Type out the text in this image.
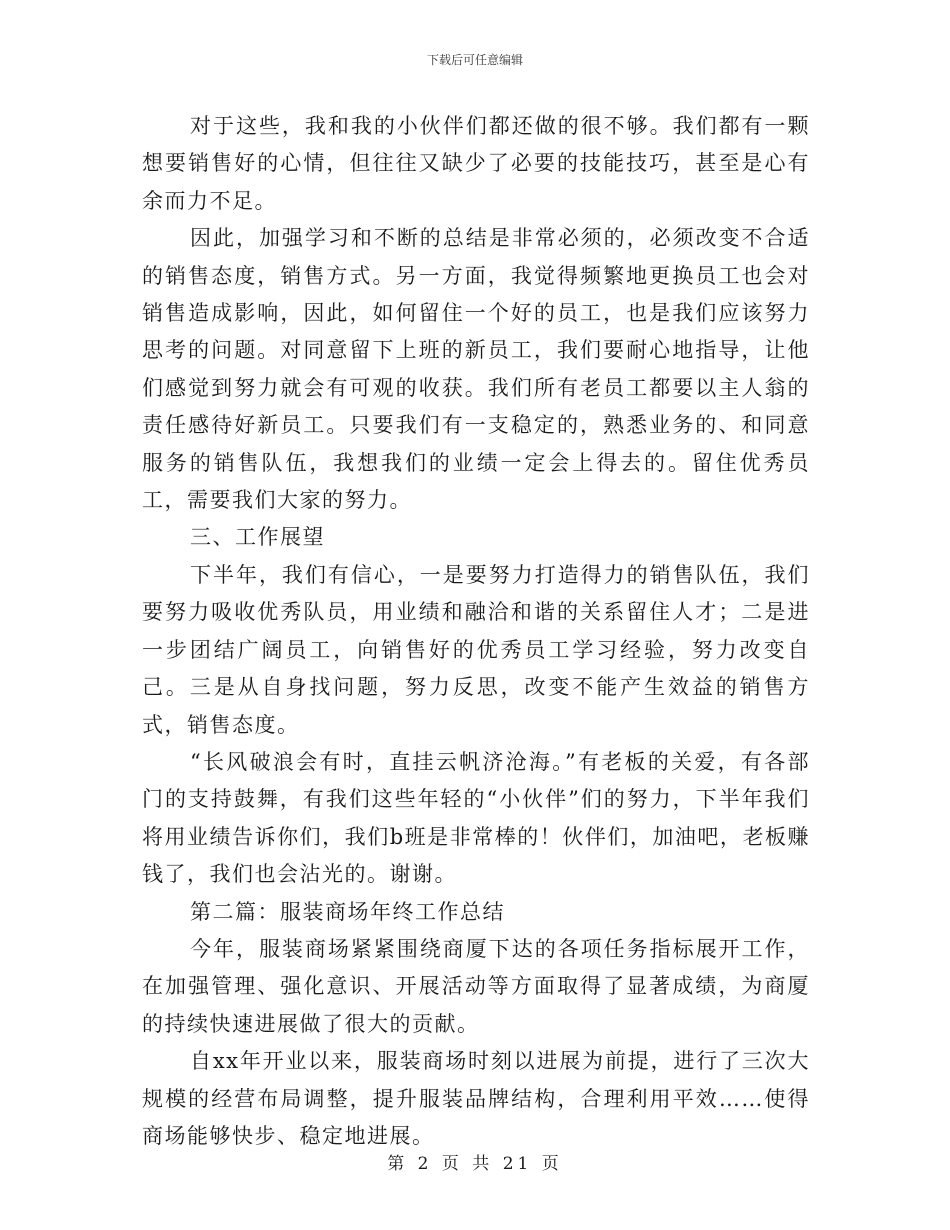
下载后可任意编辑

对于这些，我和我的小伙伴们都还做的很不够。我们都有一颗想要销售好的心情，但往往又缺少了必要的技能技巧，甚至是心有余而力不足。

因此，加强学习和不断的总结是非常必须的，必须改变不合适的销售态度，销售方式。另一方面，我觉得频繁地更换员工也会对销售造成影响，因此，如何留住一个好的员工，也是我们应该努力思考的问题。对同意留下上班的新员工，我们要耐心地指导，让他们感觉到努力就会有可观的收获。我们所有老员工都要以主人翁的责任感待好新员工。只要我们有一支稳定的，熟悉业务的、和同意服务的销售队伍，我想我们的业绩一定会上得去的。留住优秀员工，需要我们大家的努力。

三、工作展望

下半年，我们有信心，一是要努力打造得力的销售队伍，我们要努力吸收优秀队员，用业绩和融洽和谐的关系留住人才；二是进一步团结广阔员工，向销售好的优秀员工学习经验，努力改变自己。三是从自身找问题，努力反思，改变不能产生效益的销售方式，销售态度。

“长风破浪会有时，直挂云帆济沧海。”有老板的关爱，有各部门的支持鼓舞，有我们这些年轻的“小伙伴”们的努力，下半年我们将用业绩告诉你们，我们b班是非常棒的！伙伴们，加油吧，老板赚钱了，我们也会沾光的。谢谢。

第二篇：服装商场年终工作总结

今年，服装商场紧紧围绕商厦下达的各项任务指标展开工作，在加强管理、强化意识、开展活动等方面取得了显著成绩，为商厦的持续快速进展做了很大的贡献。

自xx年开业以来，服装商场时刻以进展为前提，进行了三次大规模的经营布局调整，提升服装品牌结构，合理利用平效……使得商场能够快步、稳定地进展。

第 2 页 共 21 页
